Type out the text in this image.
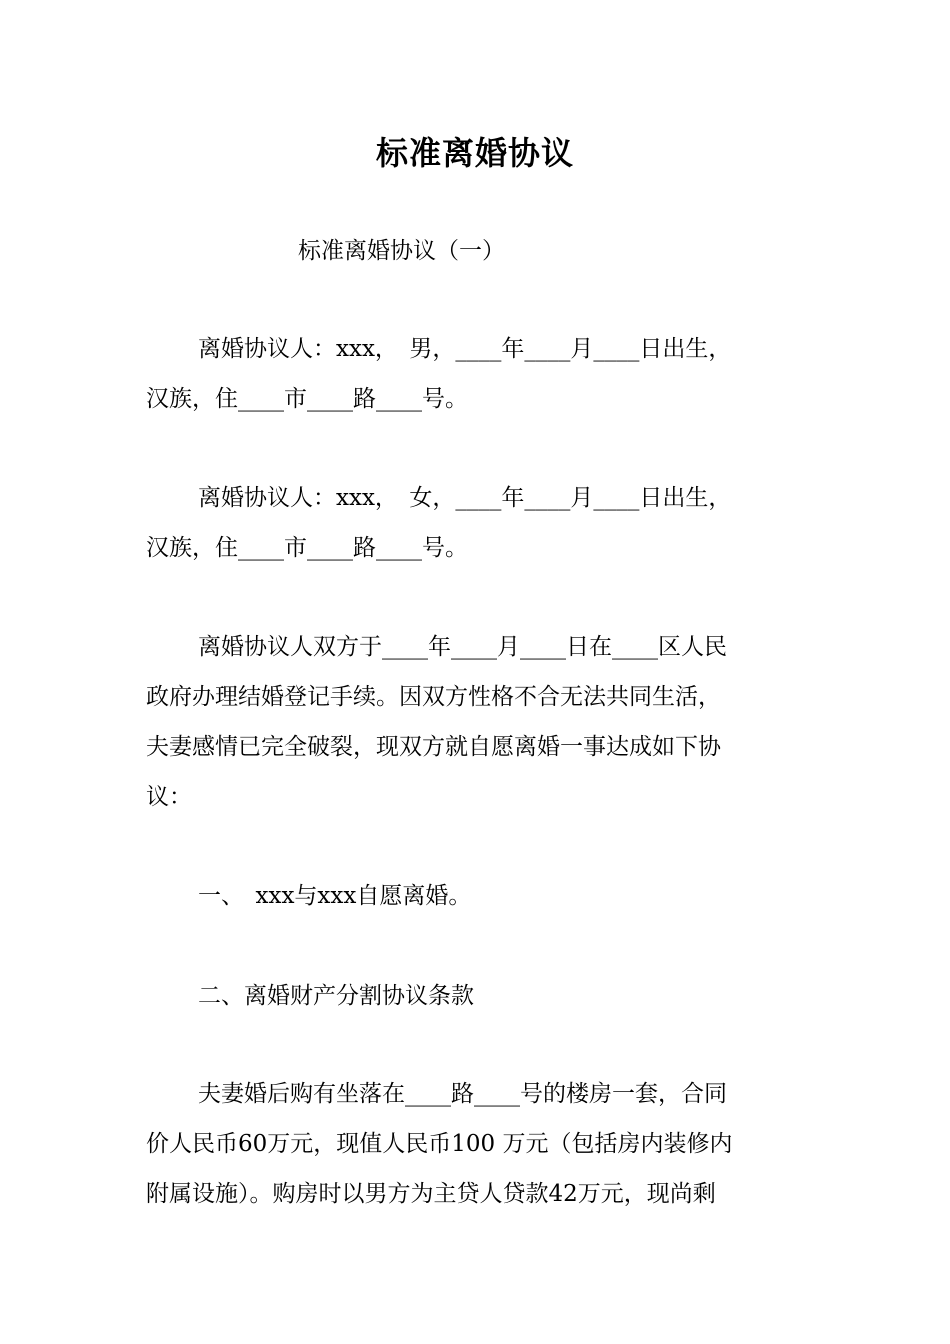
标准离婚协议
标准离婚协议（一）
离婚协议人：xxx，　男，____年____月____日出生，
汉族，住____市____路____号。
离婚协议人：xxx，　女，____年____月____日出生，
汉族，住____市____路____号。
离婚协议人双方于____年____月____日在____区人民
政府办理结婚登记手续。因双方性格不合无法共同生活，
夫妻感情已完全破裂，现双方就自愿离婚一事达成如下协
议：
一、　xxx与xxx自愿离婚。
二、离婚财产分割协议条款
夫妻婚后购有坐落在____路____号的楼房一套，合同
价人民币60万元，现值人民币100 万元（包括房内装修内
附属设施）。购房时以男方为主贷人贷款42万元，现尚剩
